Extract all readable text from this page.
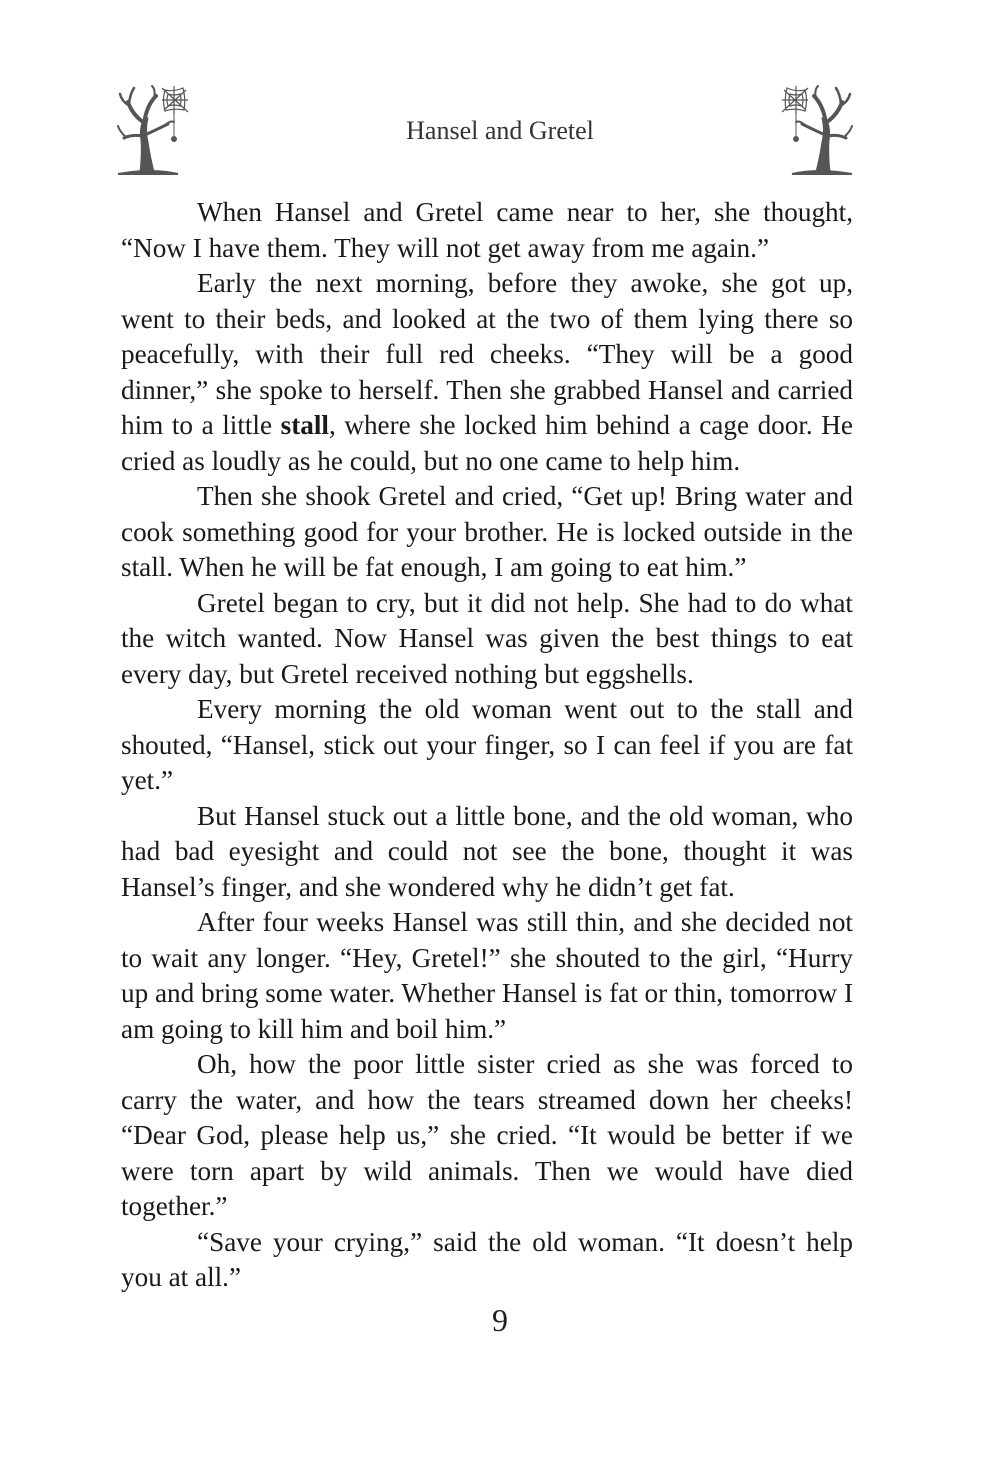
Hansel and Gretel

When Hansel and Gretel came near to her, she thought, “Now I have them. They will not get away from me again.”

Early the next morning, before they awoke, she got up, went to their beds, and looked at the two of them lying there so peacefully, with their full red cheeks. “They will be a good dinner,” she spoke to herself. Then she grabbed Hansel and carried him to a little stall, where she locked him behind a cage door. He cried as loudly as he could, but no one came to help him.

Then she shook Gretel and cried, “Get up! Bring water and cook something good for your brother. He is locked outside in the stall. When he will be fat enough, I am going to eat him.”

Gretel began to cry, but it did not help. She had to do what the witch wanted. Now Hansel was given the best things to eat every day, but Gretel received nothing but eggshells.

Every morning the old woman went out to the stall and shouted, “Hansel, stick out your finger, so I can feel if you are fat yet.”

But Hansel stuck out a little bone, and the old woman, who had bad eyesight and could not see the bone, thought it was Hansel’s finger, and she wondered why he didn’t get fat.

After four weeks Hansel was still thin, and she decided not to wait any longer. “Hey, Gretel!” she shouted to the girl, “Hurry up and bring some water. Whether Hansel is fat or thin, tomorrow I am going to kill him and boil him.”

Oh, how the poor little sister cried as she was forced to carry the water, and how the tears streamed down her cheeks! “Dear God, please help us,” she cried. “It would be better if we were torn apart by wild animals. Then we would have died together.”

“Save your crying,” said the old woman. “It doesn’t help you at all.”

9
